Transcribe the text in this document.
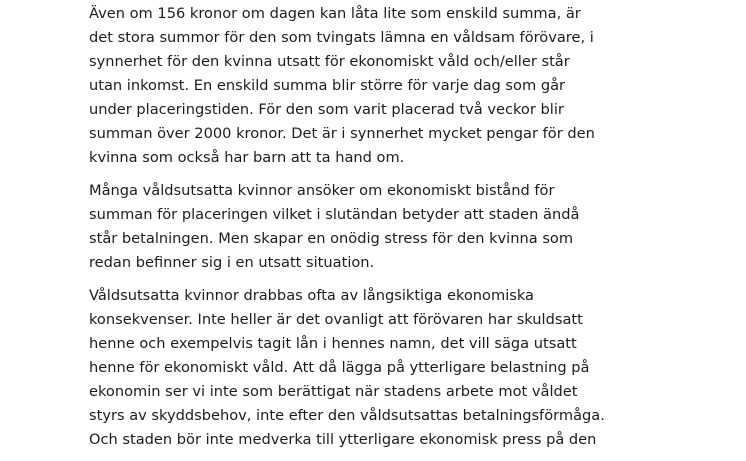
Även om 156 kronor om dagen kan låta lite som enskild summa, är
det stora summor för den som tvingats lämna en våldsam förövare, i
synnerhet för den kvinna utsatt för ekonomiskt våld och/eller står
utan inkomst. En enskild summa blir större för varje dag som går
under placeringstiden. För den som varit placerad två veckor blir
summan över 2000 kronor. Det är i synnerhet mycket pengar för den
kvinna som också har barn att ta hand om.

Många våldsutsatta kvinnor ansöker om ekonomiskt bistånd för
summan för placeringen vilket i slutändan betyder att staden ändå
står betalningen. Men skapar en onödig stress för den kvinna som
redan befinner sig i en utsatt situation.

Våldsutsatta kvinnor drabbas ofta av långsiktiga ekonomiska
konsekvenser. Inte heller är det ovanligt att förövaren har skuldsatt
henne och exempelvis tagit lån i hennes namn, det vill säga utsatt
henne för ekonomiskt våld. Att då lägga på ytterligare belastning på
ekonomin ser vi inte som berättigat när stadens arbete mot våldet
styrs av skyddsbehov, inte efter den våldsutsattas betalningsförmåga.
Och staden bör inte medverka till ytterligare ekonomisk press på den
